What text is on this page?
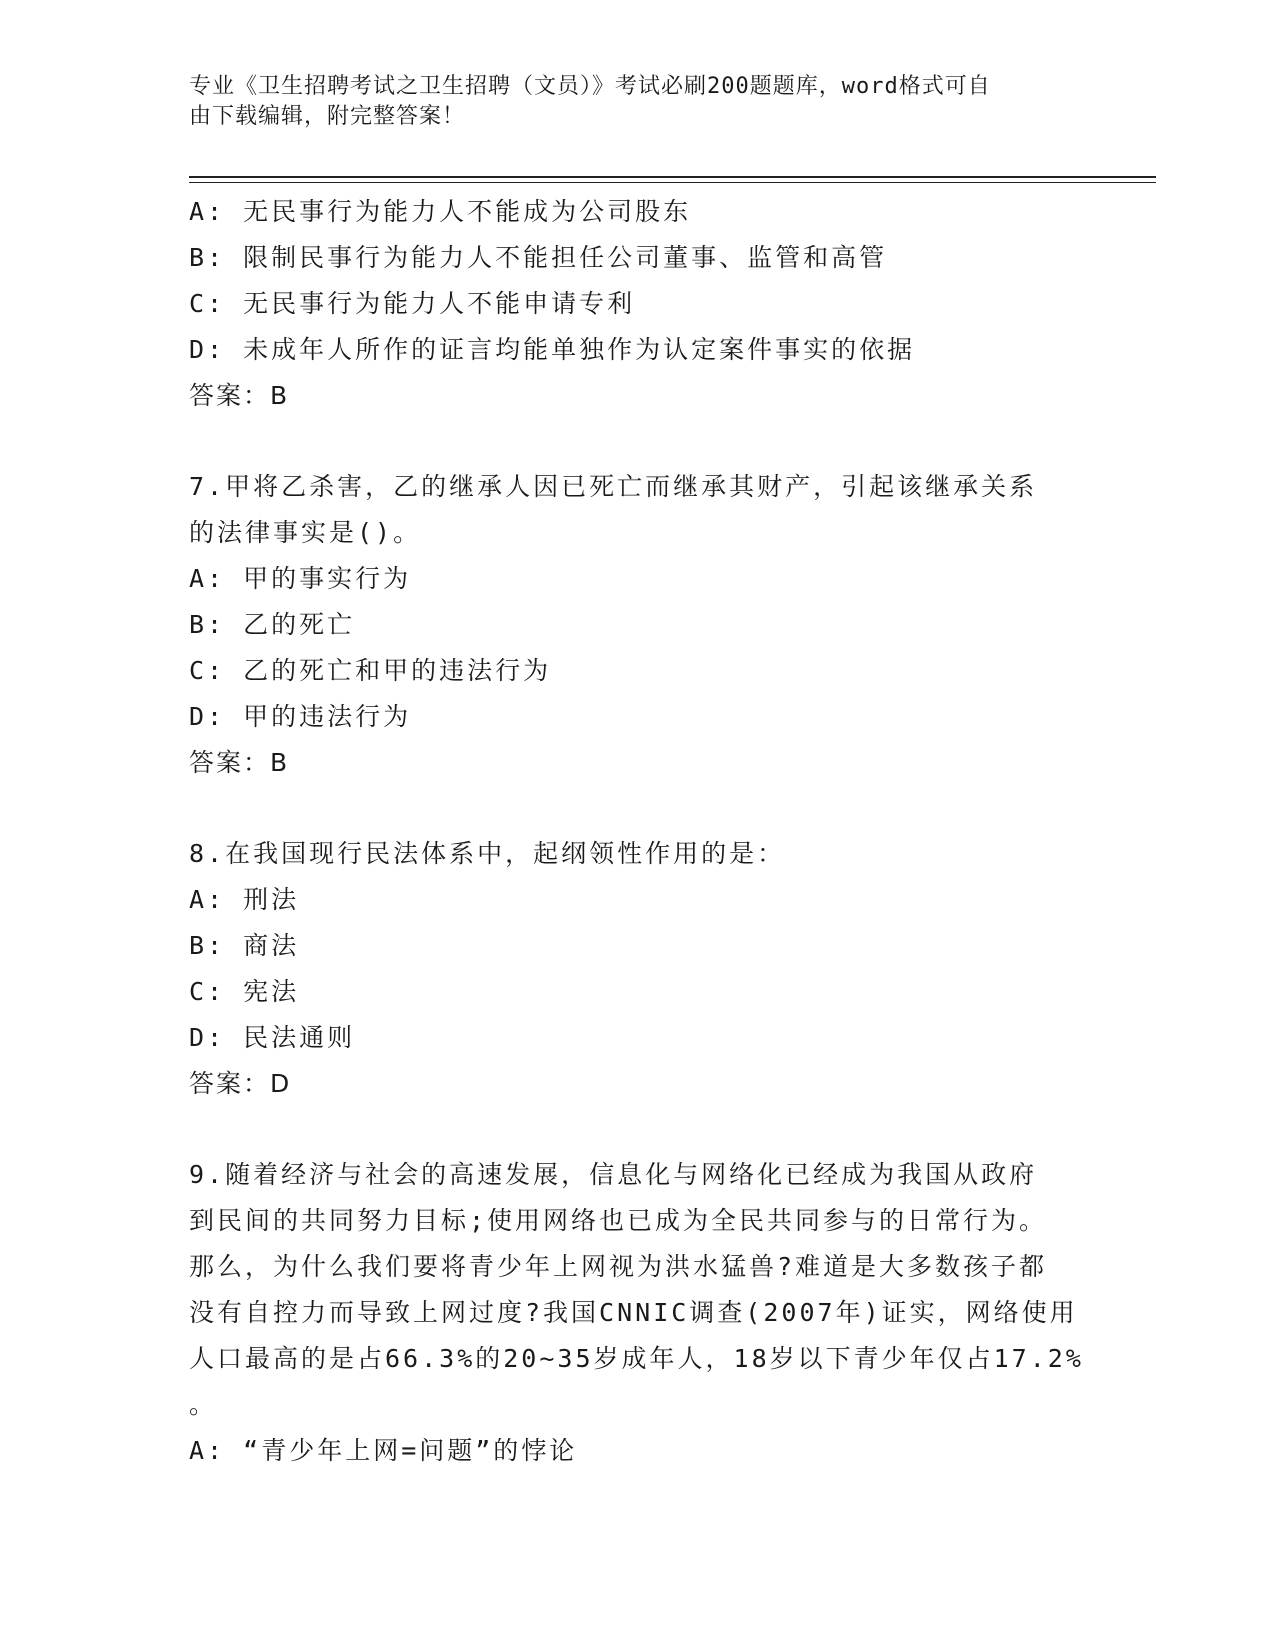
专业《卫生招聘考试之卫生招聘（文员）》考试必刷200题题库，word格式可自
由下载编辑，附完整答案！
A: 无民事行为能力人不能成为公司股东
B: 限制民事行为能力人不能担任公司董事、监管和高管
C: 无民事行为能力人不能申请专利
D: 未成年人所作的证言均能单独作为认定案件事实的依据
答案：B
7.甲将乙杀害，乙的继承人因已死亡而继承其财产，引起该继承关系
的法律事实是()。
A: 甲的事实行为
B: 乙的死亡
C: 乙的死亡和甲的违法行为
D: 甲的违法行为
答案：B
8.在我国现行民法体系中，起纲领性作用的是：
A: 刑法
B: 商法
C: 宪法
D: 民法通则
答案：D
9.随着经济与社会的高速发展，信息化与网络化已经成为我国从政府
到民间的共同努力目标;使用网络也已成为全民共同参与的日常行为。
那么，为什么我们要将青少年上网视为洪水猛兽?难道是大多数孩子都
没有自控力而导致上网过度?我国CNNIC调查(2007年)证实，网络使用
人口最高的是占66.3%的20~35岁成年人，18岁以下青少年仅占17.2%
。
A: “青少年上网=问题”的悖论
